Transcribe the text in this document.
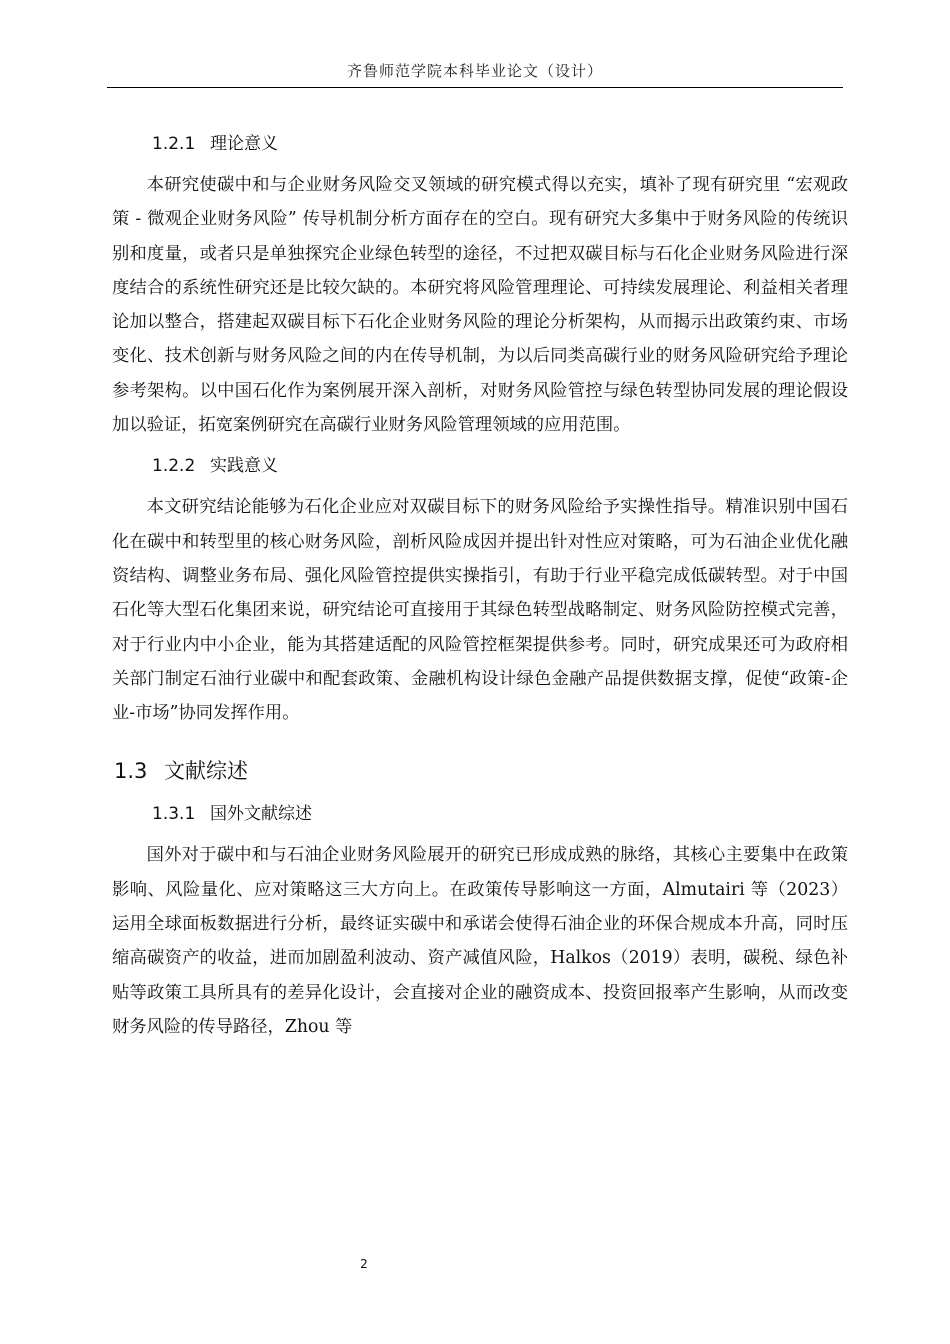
齐鲁师范学院本科毕业论文（设计）
1.2.1 理论意义

本研究使碳中和与企业财务风险交叉领域的研究模式得以充实，填补了现有研究里 “宏观政策 - 微观企业财务风险” 传导机制分析方面存在的空白。现有研究大多集中于财务风险的传统识别和度量，或者只是单独探究企业绿色转型的途径，不过把双碳目标与石化企业财务风险进行深度结合的系统性研究还是比较欠缺的。本研究将风险管理理论、可持续发展理论、利益相关者理论加以整合，搭建起双碳目标下石化企业财务风险的理论分析架构，从而揭示出政策约束、市场变化、技术创新与财务风险之间的内在传导机制，为以后同类高碳行业的财务风险研究给予理论参考架构。以中国石化作为案例展开深入剖析，对财务风险管控与绿色转型协同发展的理论假设加以验证，拓宽案例研究在高碳行业财务风险管理领域的应用范围。

1.2.2 实践意义

本文研究结论能够为石化企业应对双碳目标下的财务风险给予实操性指导。精准识别中国石化在碳中和转型里的核心财务风险，剖析风险成因并提出针对性应对策略，可为石油企业优化融资结构、调整业务布局、强化风险管控提供实操指引，有助于行业平稳完成低碳转型。对于中国石化等大型石化集团来说，研究结论可直接用于其绿色转型战略制定、财务风险防控模式完善，对于行业内中小企业，能为其搭建适配的风险管控框架提供参考。同时，研究成果还可为政府相关部门制定石油行业碳中和配套政策、金融机构设计绿色金融产品提供数据支撑，促使“政策-企业-市场”协同发挥作用。

1.3 文献综述
1.3.1 国外文献综述

国外对于碳中和与石油企业财务风险展开的研究已形成成熟的脉络，其核心主要集中在政策影响、风险量化、应对策略这三大方向上。在政策传导影响这一方面，Almutairi 等（2023）运用全球面板数据进行分析，最终证实碳中和承诺会使得石油企业的环保合规成本升高，同时压缩高碳资产的收益，进而加剧盈利波动、资产减值风险，Halkos（2019）表明，碳税、绿色补贴等政策工具所具有的差异化设计，会直接对企业的融资成本、投资回报率产生影响，从而改变财务风险的传导路径，Zhou 等

2
